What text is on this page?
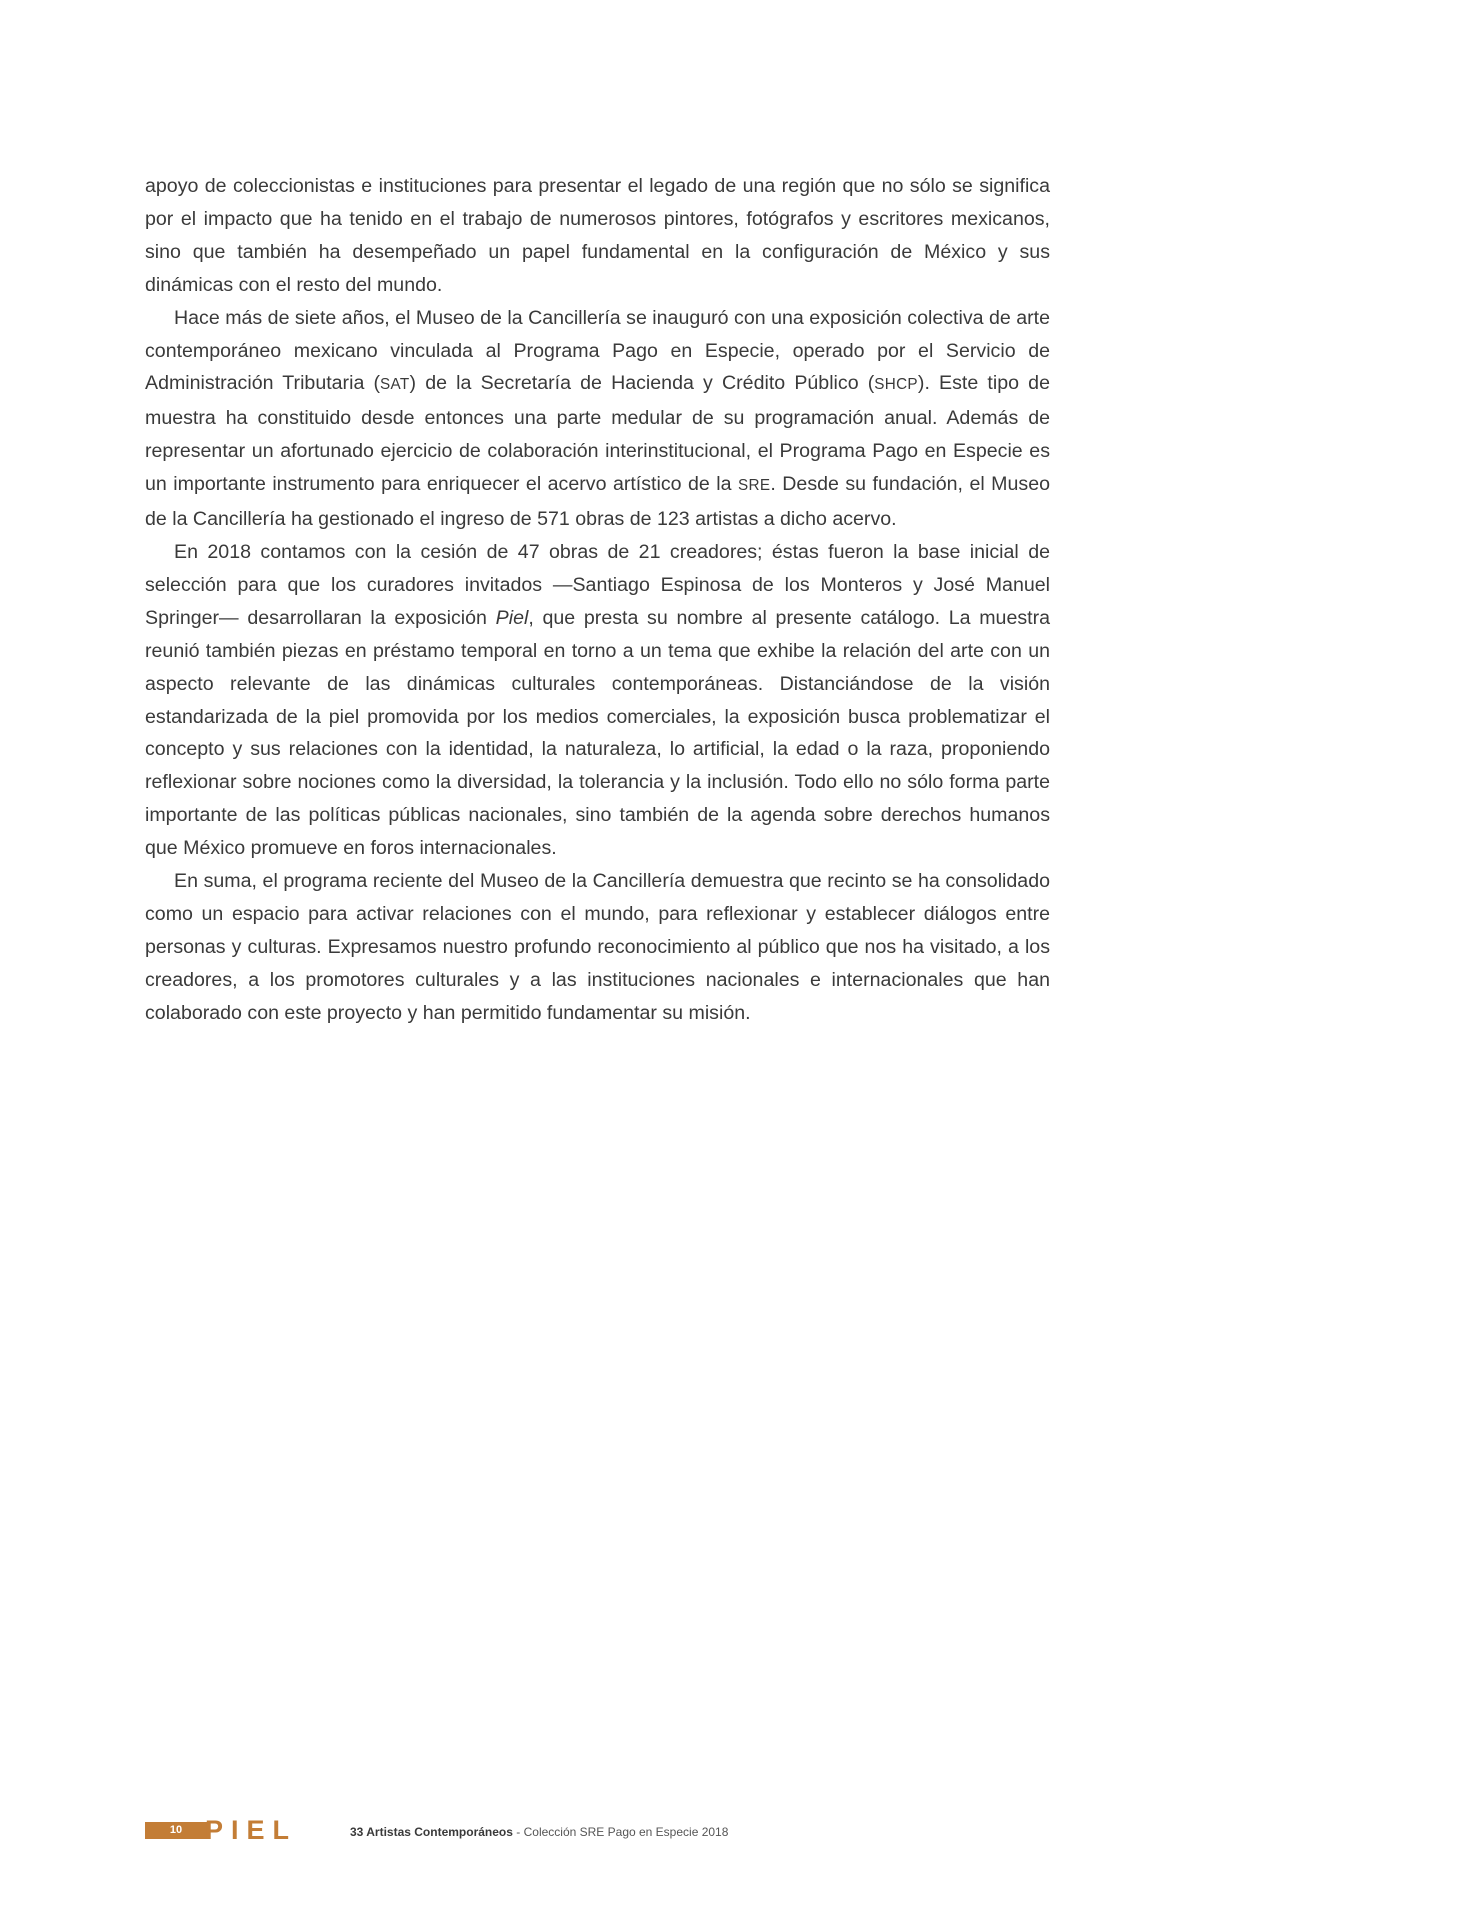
apoyo de coleccionistas e instituciones para presentar el legado de una región que no sólo se significa por el impacto que ha tenido en el trabajo de numerosos pintores, fotógrafos y escritores mexicanos, sino que también ha desempeñado un papel fundamental en la configuración de México y sus dinámicas con el resto del mundo.

Hace más de siete años, el Museo de la Cancillería se inauguró con una exposición colectiva de arte contemporáneo mexicano vinculada al Programa Pago en Especie, operado por el Servicio de Administración Tributaria (SAT) de la Secretaría de Hacienda y Crédito Público (SHCP). Este tipo de muestra ha constituido desde entonces una parte medular de su programación anual. Además de representar un afortunado ejercicio de colaboración interinstitucional, el Programa Pago en Especie es un importante instrumento para enriquecer el acervo artístico de la SRE. Desde su fundación, el Museo de la Cancillería ha gestionado el ingreso de 571 obras de 123 artistas a dicho acervo.

En 2018 contamos con la cesión de 47 obras de 21 creadores; éstas fueron la base inicial de selección para que los curadores invitados —Santiago Espinosa de los Monteros y José Manuel Springer— desarrollaran la exposición Piel, que presta su nombre al presente catálogo. La muestra reunió también piezas en préstamo temporal en torno a un tema que exhibe la relación del arte con un aspecto relevante de las dinámicas culturales contemporáneas. Distanciándose de la visión estandarizada de la piel promovida por los medios comerciales, la exposición busca problematizar el concepto y sus relaciones con la identidad, la naturaleza, lo artificial, la edad o la raza, proponiendo reflexionar sobre nociones como la diversidad, la tolerancia y la inclusión. Todo ello no sólo forma parte importante de las políticas públicas nacionales, sino también de la agenda sobre derechos humanos que México promueve en foros internacionales.

En suma, el programa reciente del Museo de la Cancillería demuestra que recinto se ha consolidado como un espacio para activar relaciones con el mundo, para reflexionar y establecer diálogos entre personas y culturas. Expresamos nuestro profundo reconocimiento al público que nos ha visitado, a los creadores, a los promotores culturales y a las instituciones nacionales e internacionales que han colaborado con este proyecto y han permitido fundamentar su misión.

10 PIEL	33 Artistas Contemporáneos - Colección SRE Pago en Especie 2018
